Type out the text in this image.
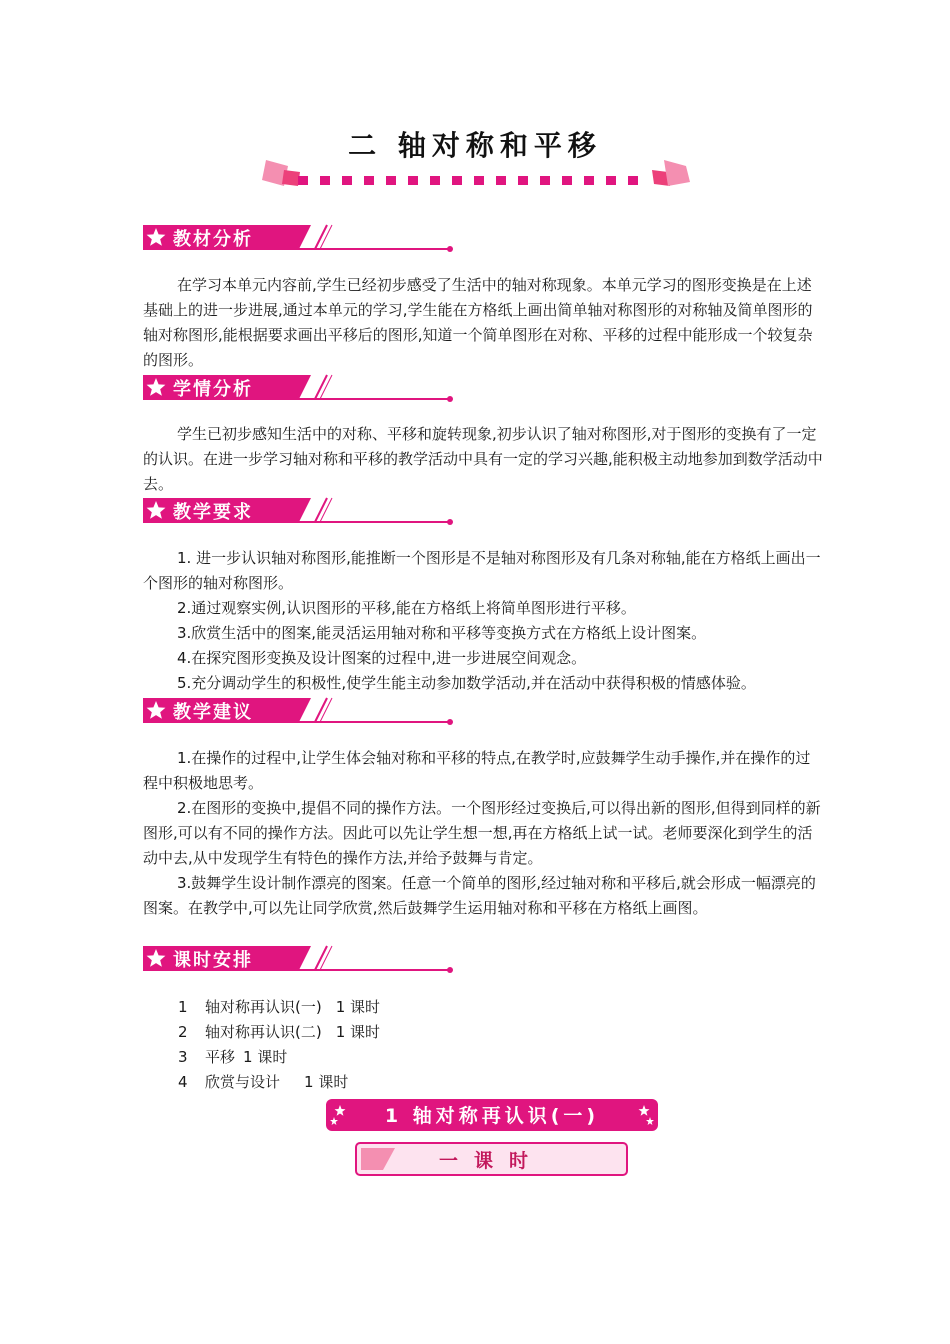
二 轴对称和平移
教材分析

在学习本单元内容前,学生已经初步感受了生活中的轴对称现象。本单元学习的图形变换是在上述基础上的进一步进展,通过本单元的学习,学生能在方格纸上画出简单轴对称图形的对称轴及简单图形的轴对称图形,能根据要求画出平移后的图形,知道一个简单图形在对称、平移的过程中能形成一个较复杂的图形。

学情分析

学生已初步感知生活中的对称、平移和旋转现象,初步认识了轴对称图形,对于图形的变换有了一定的认识。在进一步学习轴对称和平移的教学活动中具有一定的学习兴趣,能积极主动地参加到数学活动中去。

教学要求

1. 进一步认识轴对称图形,能推断一个图形是不是轴对称图形及有几条对称轴,能在方格纸上画出一个图形的轴对称图形。

2.通过观察实例,认识图形的平移,能在方格纸上将简单图形进行平移。

3.欣赏生活中的图案,能灵活运用轴对称和平移等变换方式在方格纸上设计图案。

4.在探究图形变换及设计图案的过程中,进一步进展空间观念。

5.充分调动学生的积极性,使学生能主动参加数学活动,并在活动中获得积极的情感体验。

教学建议

1.在操作的过程中,让学生体会轴对称和平移的特点,在教学时,应鼓舞学生动手操作,并在操作的过程中积极地思考。

2.在图形的变换中,提倡不同的操作方法。一个图形经过变换后,可以得出新的图形,但得到同样的新图形,可以有不同的操作方法。因此可以先让学生想一想,再在方格纸上试一试。老师要深化到学生的活动中去,从中发现学生有特色的操作方法,并给予鼓舞与肯定。

3.鼓舞学生设计制作漂亮的图案。任意一个简单的图形,经过轴对称和平移后,就会形成一幅漂亮的图案。在教学中,可以先让同学欣赏,然后鼓舞学生运用轴对称和平移在方格纸上画图。

课时安排
1	轴对称再认识(一) 1 课时
2	轴对称再认识(二) 1 课时
3	平移 1 课时
4	欣赏与设计 1 课时
1 轴对称再认识(一)
一课时
